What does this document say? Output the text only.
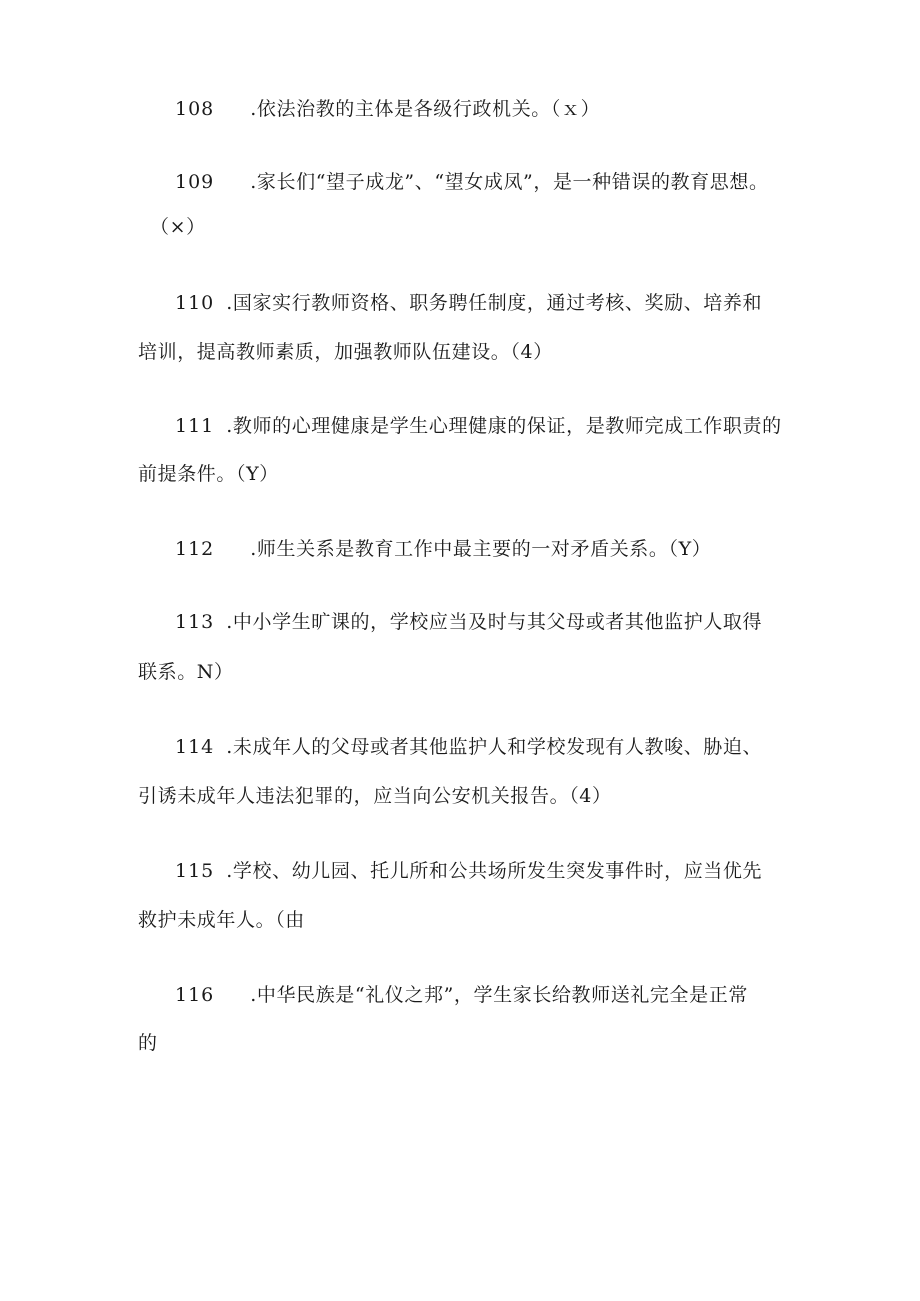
108 .依法治教的主体是各级行政机关。（ｘ）
109 .家长们“望子成龙”、“望女成凤”，是一种错误的教育思想。
（×）
110 .国家实行教师资格、职务聘任制度，通过考核、奖励、培养和
培训，提高教师素质，加强教师队伍建设。（4）
111 .教师的心理健康是学生心理健康的保证，是教师完成工作职责的
前提条件。（Y）
112 .师生关系是教育工作中最主要的一对矛盾关系。（Y）
113 .中小学生旷课的，学校应当及时与其父母或者其他监护人取得
联系。N）
114 .未成年人的父母或者其他监护人和学校发现有人教唆、胁迫、
引诱未成年人违法犯罪的，应当向公安机关报告。（4）
115 .学校、幼儿园、托儿所和公共场所发生突发事件时，应当优先
救护未成年人。（由
116 .中华民族是“礼仪之邦”，学生家长给教师送礼完全是正常
的
